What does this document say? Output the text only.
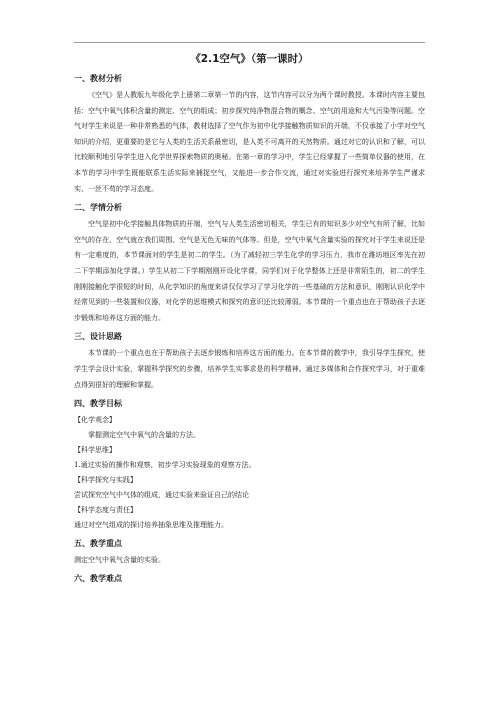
《2.1空气》（第一课时）
一、教材分析

《空气》是人教版九年级化学上册第二章第一节的内容，这节内容可以分为两个课时教授。本课时内容主要包括：空气中氧气体积含量的测定、空气的组成；初步探究纯净物混合物的概念、空气的用途和大气污染等问题。空气对学生来说是一种非常熟悉的气体，教材选择了空气作为初中化学接触物质知识的开端，不仅承接了小学对空气知识的介绍，更重要的是它与人类的生活关系最密切，是人类不可离开的天然物质。通过对它的认识和了解，可以比较顺利地引导学生进入化学世界探索物质的奥秘。在第一章的学习中，学生已经掌握了一些简单仪器的使用，在本节的学习中学生既能联系生活实际来捕捉空气，又能进一步合作交流，通过对实验进行探究来培养学生严谨求实、一丝不苟的学习态度。

二、学情分析

空气是初中化学接触具体物质的开端，空气与人类生活密切相关，学生已有的知识多少对空气有所了解，比如空气的存在、空气就在我们周围、空气是无色无味的气体等。但是，空气中氧气含量实验的探究对于学生来说还是有一定难度的，本节课面对的学生是初二的学生。（为了减轻初三学生化学的学习压力，我市在潍坊地区率先在初二下学期添加化学课。）学生从初二下学期刚刚开设化学课，同学们对于化学整体上还是非常陌生的，初二的学生刚刚接触化学很短的时间，从化学知识的角度来讲仅仅学习了学习化学的一些基础的方法和意识，刚刚认识化学中经常见到的一些装置和仪器，对化学的思维模式和探究的意识还比较薄弱。本节课的一个重点也在于帮助孩子去逐步锻炼和培养这方面的能力。

三、设计思路

本节课的一个重点也在于帮助孩子去逐步锻炼和培养这方面的能力。在本节课的教学中，我引导学生探究，使学生学会设计实验，掌握科学探究的步骤，培养学生实事求是的科学精神。通过多媒体和合作探究学习，对于重难点得到很好的理解和掌握。

四、教学目标

【化学观念】

掌握测定空气中氧气的含量的方法。

【科学思维】

1.通过实验的操作和观察，初步学习实验现象的观察方法。

【科学探究与实践】

尝试探究空气中气体的组成，通过实验来验证自己的结论

【科学态度与责任】

通过对空气组成的探讨培养抽象思维及推理能力。

五、教学重点

测定空气中氧气含量的实验。

六、教学难点
